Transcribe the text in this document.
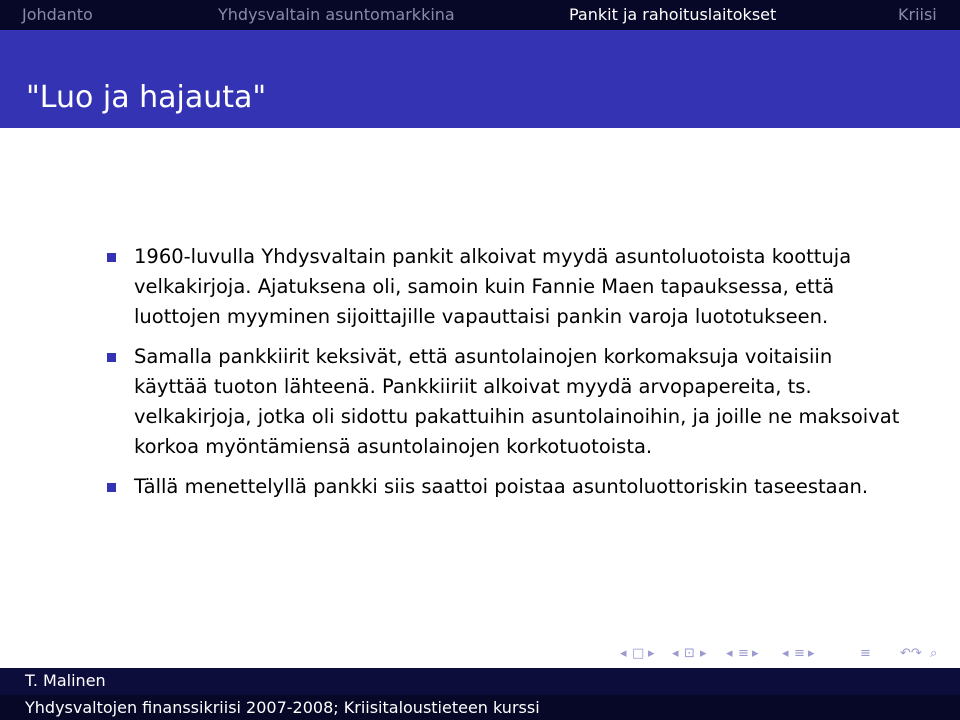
Johdanto	Yhdysvaltain asuntomarkkina	Pankit ja rahoituslaitokset	Kriisi
"Luo ja hajauta"
1960-luvulla Yhdysvaltain pankit alkoivat myydä asuntoluotoista koottuja velkakirjoja. Ajatuksena oli, samoin kuin Fannie Maen tapauksessa, että luottojen myyminen sijoittajille vapauttaisi pankin varoja luototukseen.
Samalla pankkiirit keksivät, että asuntolainojen korkomaksuja voitaisiin käyttää tuoton lähteenä. Pankkiiriit alkoivat myydä arvopapereita, ts. velkakirjoja, jotka oli sidottu pakattuihin asuntolainoihin, ja joille ne maksoivat korkoa myöntämiensä asuntolainojen korkotuotoista.
Tällä menettelyllä pankki siis saattoi poistaa asuntoluottoriskin taseestaan.
◂ □ ▸ ◂ ⊡ ▸ ◂ ≡ ▸ ◂ ≡ ▸	≡ ↶↷ ⌕
T. Malinen
Yhdysvaltojen finanssikriisi 2007-2008; Kriisitaloustieteen kurssi
